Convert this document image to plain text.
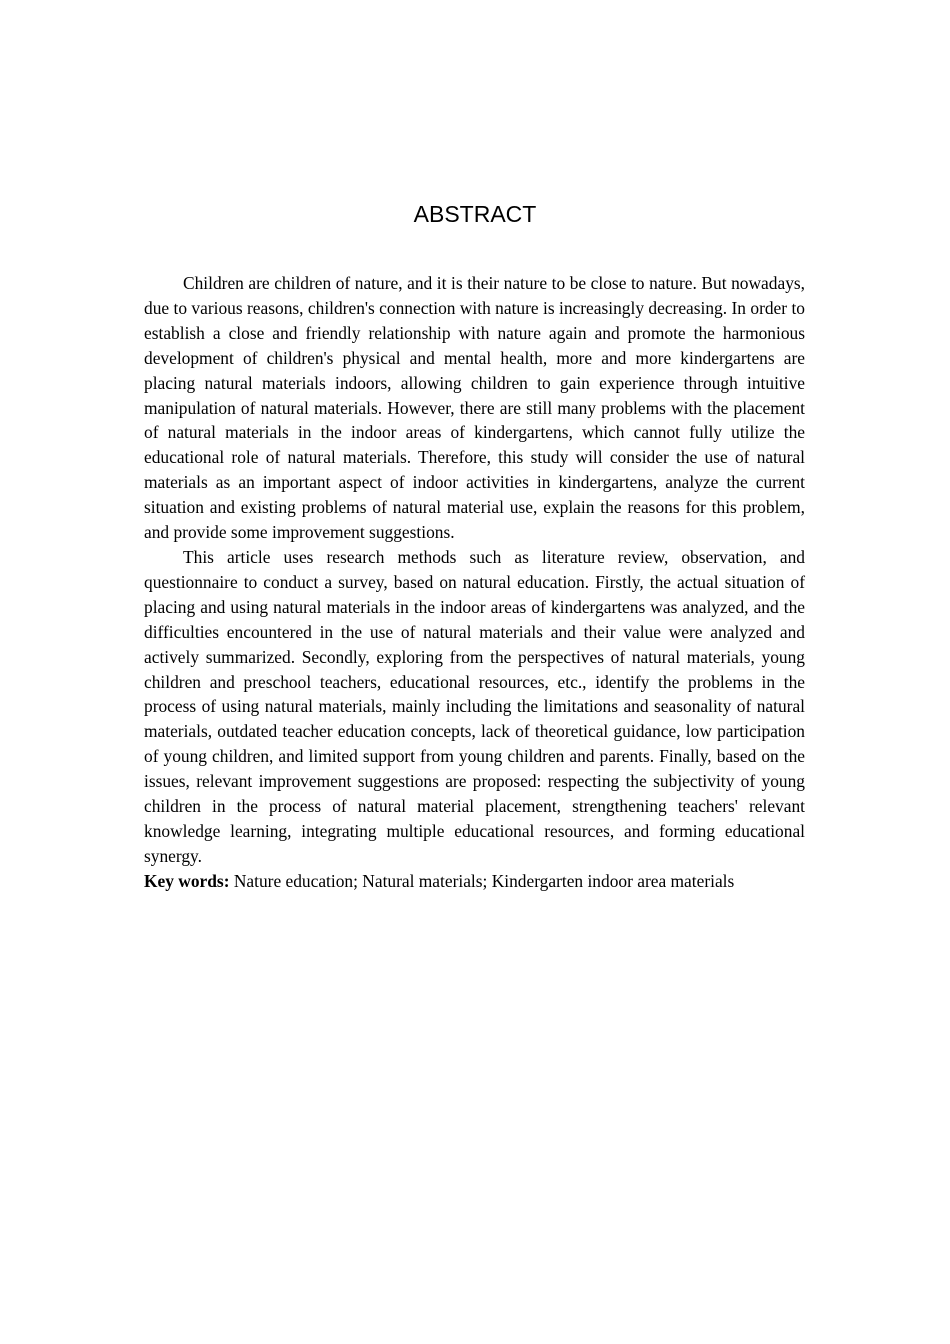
ABSTRACT

Children are children of nature, and it is their nature to be close to nature. But nowadays, due to various reasons, children's connection with nature is increasingly decreasing. In order to establish a close and friendly relationship with nature again and promote the harmonious development of children's physical and mental health, more and more kindergartens are placing natural materials indoors, allowing children to gain experience through intuitive manipulation of natural materials. However, there are still many problems with the placement of natural materials in the indoor areas of kindergartens, which cannot fully utilize the educational role of natural materials. Therefore, this study will consider the use of natural materials as an important aspect of indoor activities in kindergartens, analyze the current situation and existing problems of natural material use, explain the reasons for this problem, and provide some improvement suggestions.

This article uses research methods such as literature review, observation, and questionnaire to conduct a survey, based on natural education. Firstly, the actual situation of placing and using natural materials in the indoor areas of kindergartens was analyzed, and the difficulties encountered in the use of natural materials and their value were analyzed and actively summarized. Secondly, exploring from the perspectives of natural materials, young children and preschool teachers, educational resources, etc., identify the problems in the process of using natural materials, mainly including the limitations and seasonality of natural materials, outdated teacher education concepts, lack of theoretical guidance, low participation of young children, and limited support from young children and parents. Finally, based on the issues, relevant improvement suggestions are proposed: respecting the subjectivity of young children in the process of natural material placement, strengthening teachers' relevant knowledge learning, integrating multiple educational resources, and forming educational synergy.

Key words: Nature education; Natural materials; Kindergarten indoor area materials
